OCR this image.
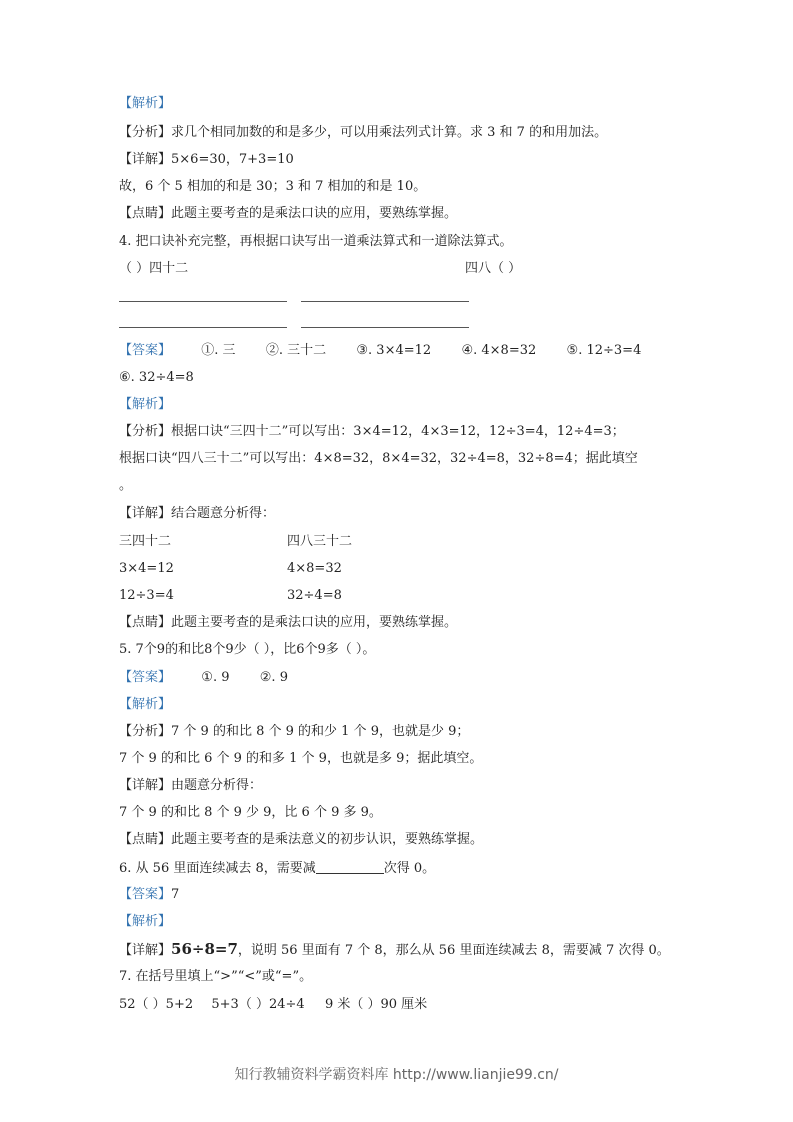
【解析】
【分析】求几个相同加数的和是多少，可以用乘法列式计算。求 3 和 7 的和用加法。
【详解】5×6=30，7+3=10
故，6 个 5 相加的和是 30；3 和 7 相加的和是 10。
【点睛】此题主要考查的是乘法口诀的应用，要熟练掌握。
4. 把口诀补充完整，再根据口诀写出一道乘法算式和一道除法算式。
（ ）四十二	四八（ ）
【答案】 ①. 三 ②. 三十二 ③. 3×4=12 ④. 4×8=32 ⑤. 12÷3=4
⑥. 32÷4=8
【解析】
【分析】根据口诀“三四十二”可以写出：3×4=12，4×3=12，12÷3=4，12÷4=3；
根据口诀“四八三十二”可以写出：4×8=32，8×4=32，32÷4=8，32÷8=4；据此填空
。
【详解】结合题意分析得：
三四十二	四八三十二
3×4=12	4×8=32
12÷3=4	32÷4=8
【点睛】此题主要考查的是乘法口诀的应用，要熟练掌握。
5. 7个9的和比8个9少（ ），比6个9多（ ）。
【答案】 ①. 9 ②. 9
【解析】
【分析】7 个 9 的和比 8 个 9 的和少 1 个 9，也就是少 9；
7 个 9 的和比 6 个 9 的和多 1 个 9，也就是多 9；据此填空。
【详解】由题意分析得：
7 个 9 的和比 8 个 9 少 9，比 6 个 9 多 9。
【点睛】此题主要考查的是乘法意义的初步认识，要熟练掌握。
6. 从 56 里面连续减去 8，需要减	次得 0。
【答案】7
【解析】
【详解】56÷8=7，说明 56 里面有 7 个 8，那么从 56 里面连续减去 8，需要减 7 次得 0。
7. 在括号里填上“>”“<”或“=”。
52（ ）5+2 5+3（ ）24÷4 9 米（ ）90 厘米
知行教辅资料学霸资料库 http://www.lianjie99.cn/
